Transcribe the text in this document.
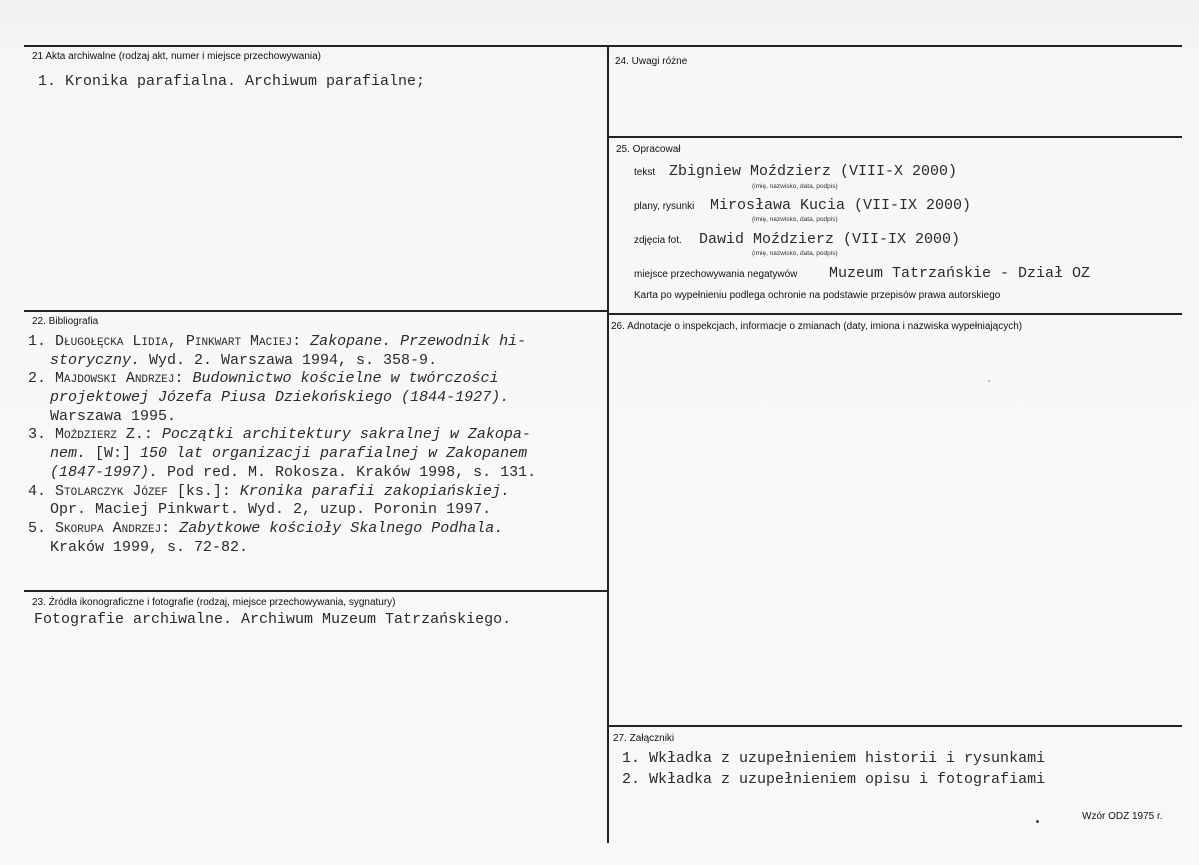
21 Akta archiwalne (rodzaj akt, numer i miejsce przechowywania)
1. Kronika parafialna. Archiwum parafialne;
22. Bibliografia
1. Długołęcka Lidia, Pinkwart Maciej: Zakopane. Przewodnik hi-
storyczny. Wyd. 2. Warszawa 1994, s. 358-9.
2. Majdowski Andrzej: Budownictwo kościelne w twórczości
projektowej Józefa Piusa Dziekońskiego (1844-1927).
Warszawa 1995.
3. Moździerz Z.: Początki architektury sakralnej w Zakopa-
nem. [W:] 150 lat organizacji parafialnej w Zakopanem
(1847-1997). Pod red. M. Rokosza. Kraków 1998, s. 131.
4. Stolarczyk Józef [ks.]: Kronika parafii zakopiańskiej.
Opr. Maciej Pinkwart. Wyd. 2, uzup. Poronin 1997.
5. Skorupa Andrzej: Zabytkowe kościoły Skalnego Podhala.
Kraków 1999, s. 72-82.
23. Źródła ikonograficzne i fotografie (rodzaj, miejsce przechowywania, sygnatury)
Fotografie archiwalne. Archiwum Muzeum Tatrzańskiego.
24. Uwagi różne
25. Opracował
tekst Zbigniew Moździerz (VIII-X 2000)
(imię, nazwisko, data, podpis)
plany, rysunki Mirosława Kucia (VII-IX 2000)
(imię, nazwisko, data, podpis)
zdjęcia fot. Dawid Moździerz (VII-IX 2000)
(imię, nazwisko, data, podpis)
miejsce przechowywania negatywów Muzeum Tatrzańskie - Dział OZ
Karta po wypełnieniu podlega ochronie na podstawie przepisów prawa autorskiego
26. Adnotacje o inspekcjach, informacje o zmianach (daty, imiona i nazwiska wypełniających)
27. Załączniki
1. Wkładka z uzupełnieniem historii i rysunkami
2. Wkładka z uzupełnieniem opisu i fotografiami
Wzór ODZ 1975 r.
